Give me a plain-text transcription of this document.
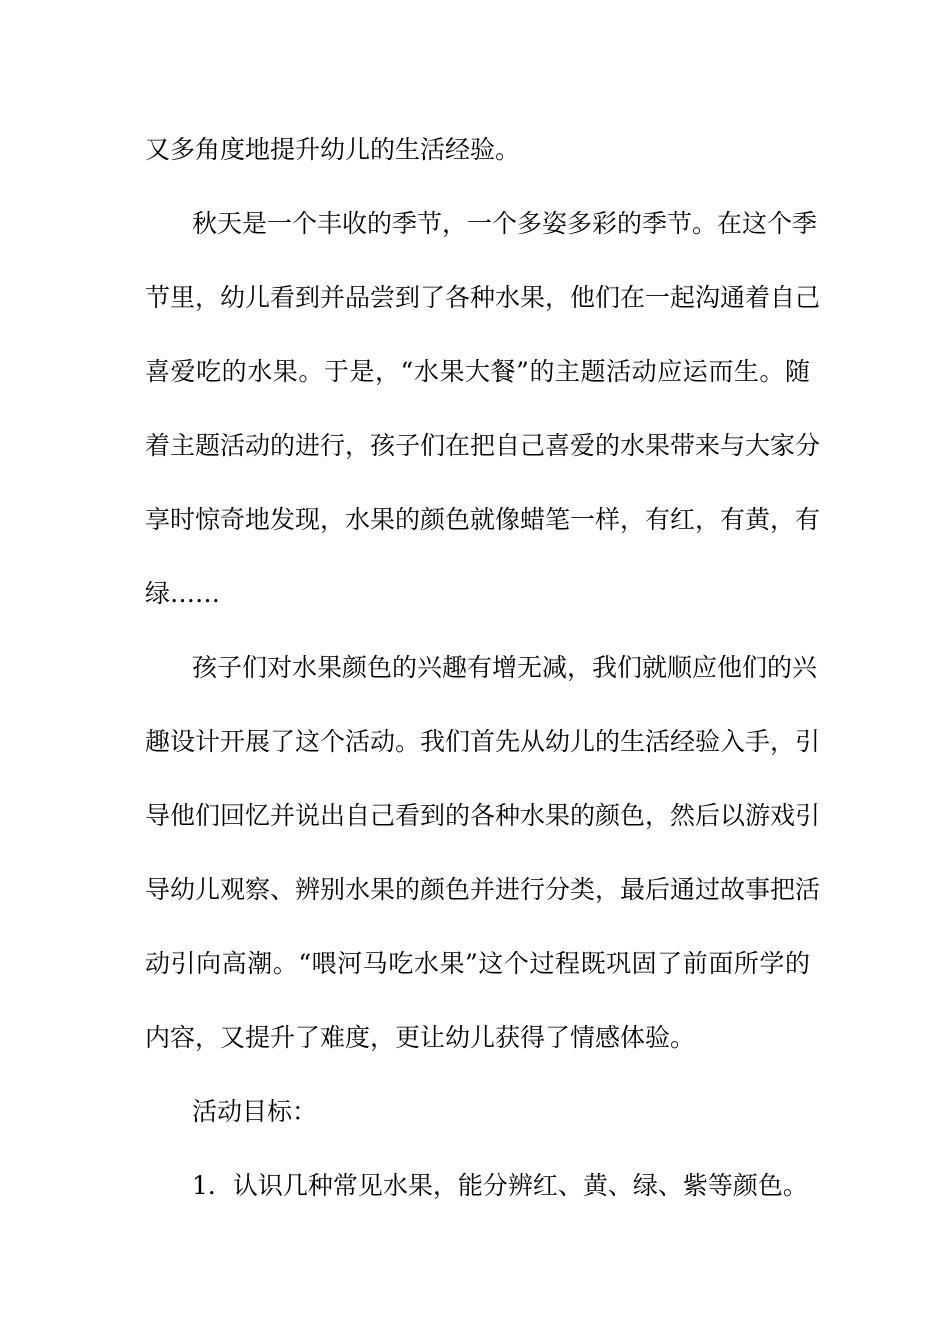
又多角度地提升幼儿的生活经验。
秋天是一个丰收的季节，一个多姿多彩的季节。在这个季
节里，幼儿看到并品尝到了各种水果，他们在一起沟通着自己
喜爱吃的水果。于是，“水果大餐”的主题活动应运而生。随
着主题活动的进行，孩子们在把自己喜爱的水果带来与大家分
享时惊奇地发现，水果的颜色就像蜡笔一样，有红，有黄，有
绿……
孩子们对水果颜色的兴趣有增无减，我们就顺应他们的兴
趣设计开展了这个活动。我们首先从幼儿的生活经验入手，引
导他们回忆并说出自己看到的各种水果的颜色，然后以游戏引
导幼儿观察、辨别水果的颜色并进行分类，最后通过故事把活
动引向高潮。“喂河马吃水果”这个过程既巩固了前面所学的
内容，又提升了难度，更让幼儿获得了情感体验。
活动目标：
1．认识几种常见水果，能分辨红、黄、绿、紫等颜色。
